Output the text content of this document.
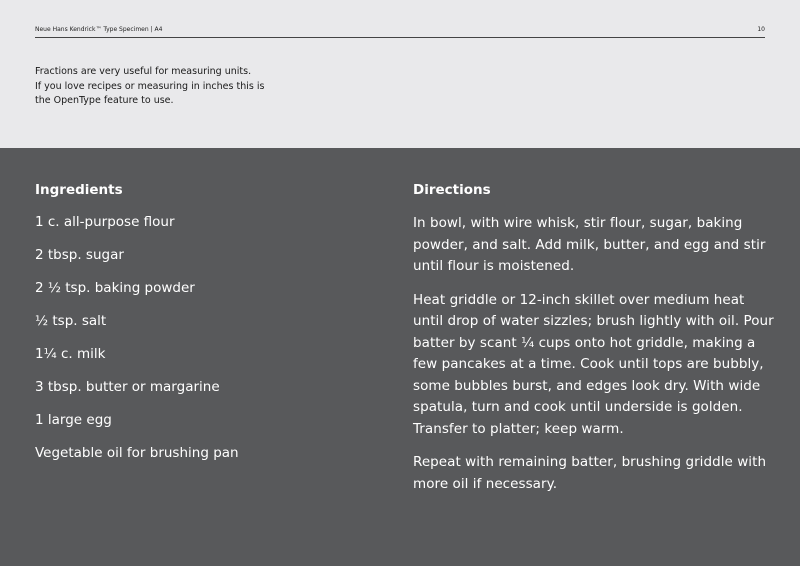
Neue Hans Kendrick™ Type Specimen | A4	10
Fractions are very useful for measuring units.
If you love recipes or measuring in inches this is
the OpenType feature to use.
Ingredients
1 c. all-purpose flour
2 tbsp. sugar
2 ½ tsp. baking powder
½ tsp. salt
1¼ c. milk
3 tbsp. butter or margarine
1 large egg
Vegetable oil for brushing pan
Directions

In bowl, with wire whisk, stir flour, sugar, baking
powder, and salt. Add milk, butter, and egg and stir
until flour is moistened.

Heat griddle or 12-inch skillet over medium heat
until drop of water sizzles; brush lightly with oil. Pour
batter by scant ¼ cups onto hot griddle, making a
few pancakes at a time. Cook until tops are bubbly,
some bubbles burst, and edges look dry. With wide
spatula, turn and cook until underside is golden.
Transfer to platter; keep warm.

Repeat with remaining batter, brushing griddle with
more oil if necessary.
